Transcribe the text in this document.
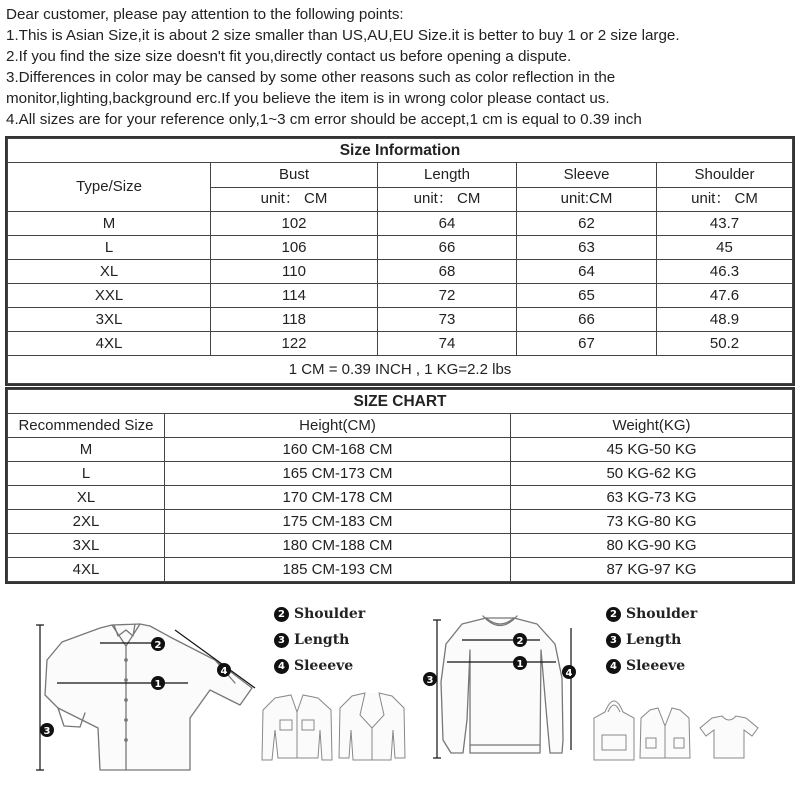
Dear customer, please pay attention to the following points:
1.This is Asian Size,it is about 2 size smaller than US,AU,EU Size.it is better to buy 1 or 2 size large.
2.If you find the size size doesn't fit you,directly contact us before opening a dispute.
3.Differences in color may be cansed by some other reasons such as color reflection in the
monitor,lighting,background erc.If you believe the item is in wrong color please contact us.
4.All sizes are for your reference only,1~3 cm error should be accept,1 cm is equal to 0.39 inch
Size Information				
Type/Size	Bust	Length	Sleeve	Shoulder
	unit： CM	unit： CM	unit:CM	unit： CM
M	102	64	62	43.7
L	106	66	63	45
XL	110	68	64	46.3
XXL	114	72	65	47.6
3XL	118	73	66	48.9
4XL	122	74	67	50.2
1 CM = 0.39 INCH , 1 KG=2.2 lbs				
SIZE CHART		
Recommended Size	Height(CM)	Weight(KG)
M	160 CM-168 CM	45 KG-50 KG
L	165 CM-173 CM	50 KG-62 KG
XL	170 CM-178 CM	63 KG-73 KG
2XL	175 CM-183 CM	73 KG-80 KG
3XL	180 CM-188 CM	80 KG-90 KG
4XL	185 CM-193 CM	87 KG-97 KG
2
1
3
4
2
1
3
4
2 Shoulder
3 Length
4 Sleeeve
2 Shoulder
3 Length
4 Sleeeve
